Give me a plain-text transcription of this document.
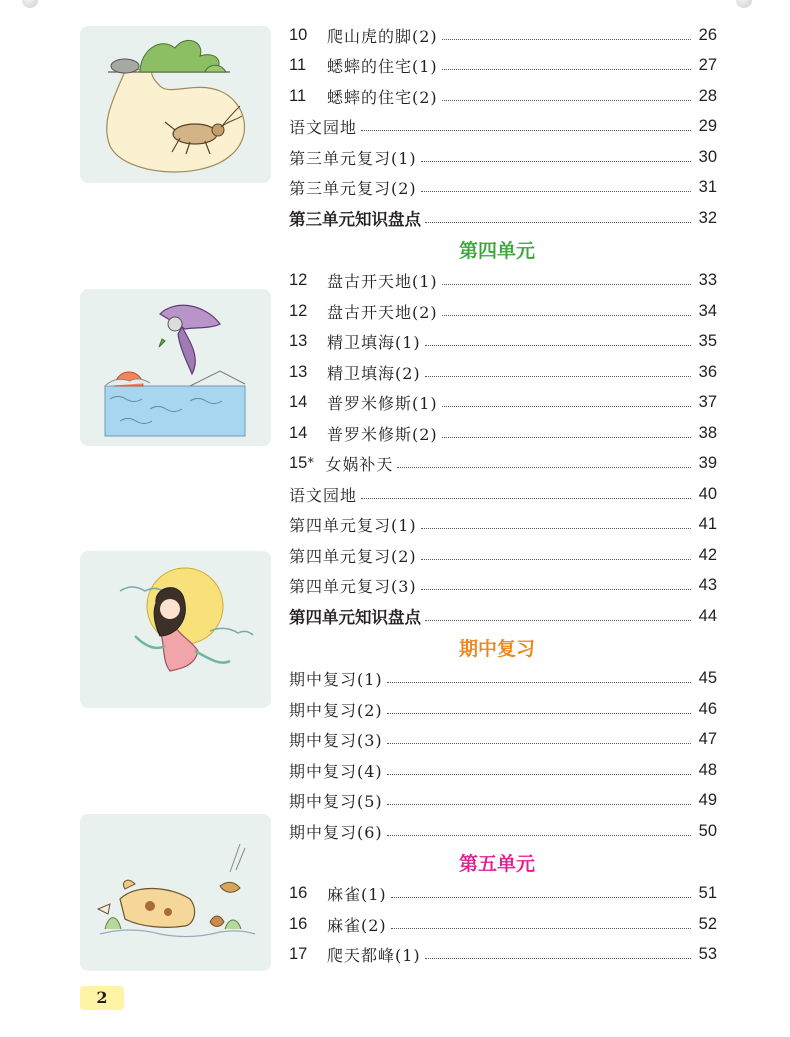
10	爬山虎的脚(2)	26
11	蟋蟀的住宅(1)	27
11	蟋蟀的住宅(2)	28
语文园地	29
第三单元复习(1)	30
第三单元复习(2)	31
第三单元知识盘点	32
第四单元
12	盘古开天地(1)	33
12	盘古开天地(2)	34
13	精卫填海(1)	35
13	精卫填海(2)	36
14	普罗米修斯(1)	37
14	普罗米修斯(2)	38
15 * 女娲补天	39
语文园地	40
第四单元复习(1)	41
第四单元复习(2)	42
第四单元复习(3)	43
第四单元知识盘点	44
期中复习
期中复习(1)	45
期中复习(2)	46
期中复习(3)	47
期中复习(4)	48
期中复习(5)	49
期中复习(6)	50
第五单元
16	麻雀(1)	51
16	麻雀(2)	52
17	爬天都峰(1)	53
2
